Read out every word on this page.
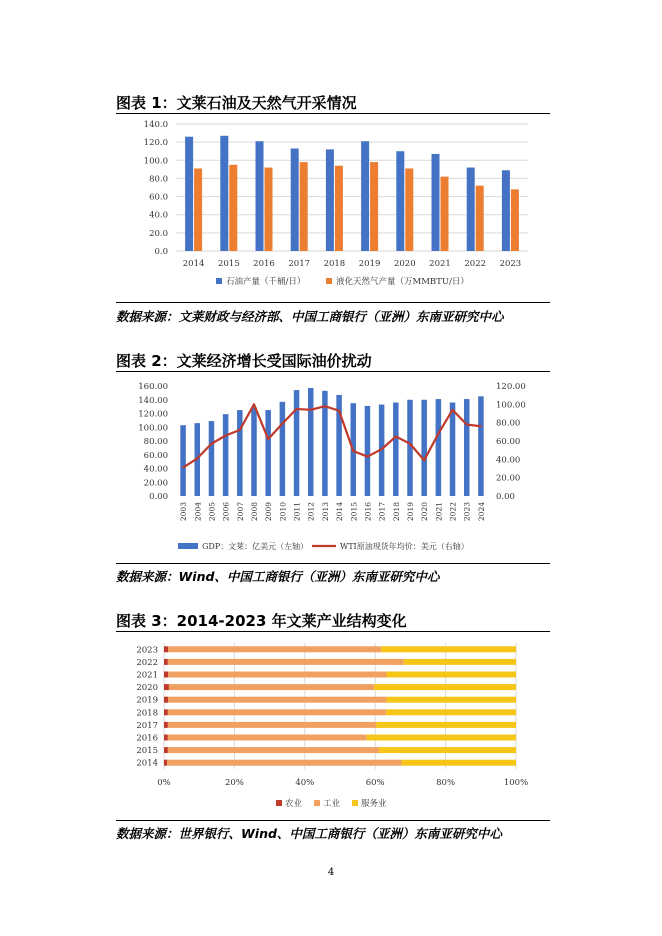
图表 1：文莱石油及天然气开采情况
0.0
20.0
40.0
60.0
80.0
100.0
120.0
140.0
2014 2015 2016 2017 2018 2019 2020 2021 2022 2023
石油产量（千桶/日）	液化天然气产量（万MMBTU/日）
数据来源：文莱财政与经济部、中国工商银行（亚洲）东南亚研究中心
图表 2：文莱经济增长受国际油价扰动
0.00
20.00
40.00
60.00
80.00
100.00
120.00
140.00
160.00
0.00
20.00
40.00
60.00
80.00
100.00
120.00
2003 2004 2005 2006 2007 2008 2009 2010 2011 2012 2013 2014 2015 2016 2017 2018 2019 2020 2021 2022 2023 2024
GDP：文莱：亿美元（左轴）	WTI原油现货年均价：美元（右轴）
数据来源：Wind、中国工商银行（亚洲）东南亚研究中心
图表 3：2014-2023 年文莱产业结构变化
0%	20%	40%	60%	80%	100%
2023
2022
2021
2020
2019
2018
2017
2016
2015
2014
农业 工业 服务业
数据来源：世界银行、Wind、中国工商银行（亚洲）东南亚研究中心
4
